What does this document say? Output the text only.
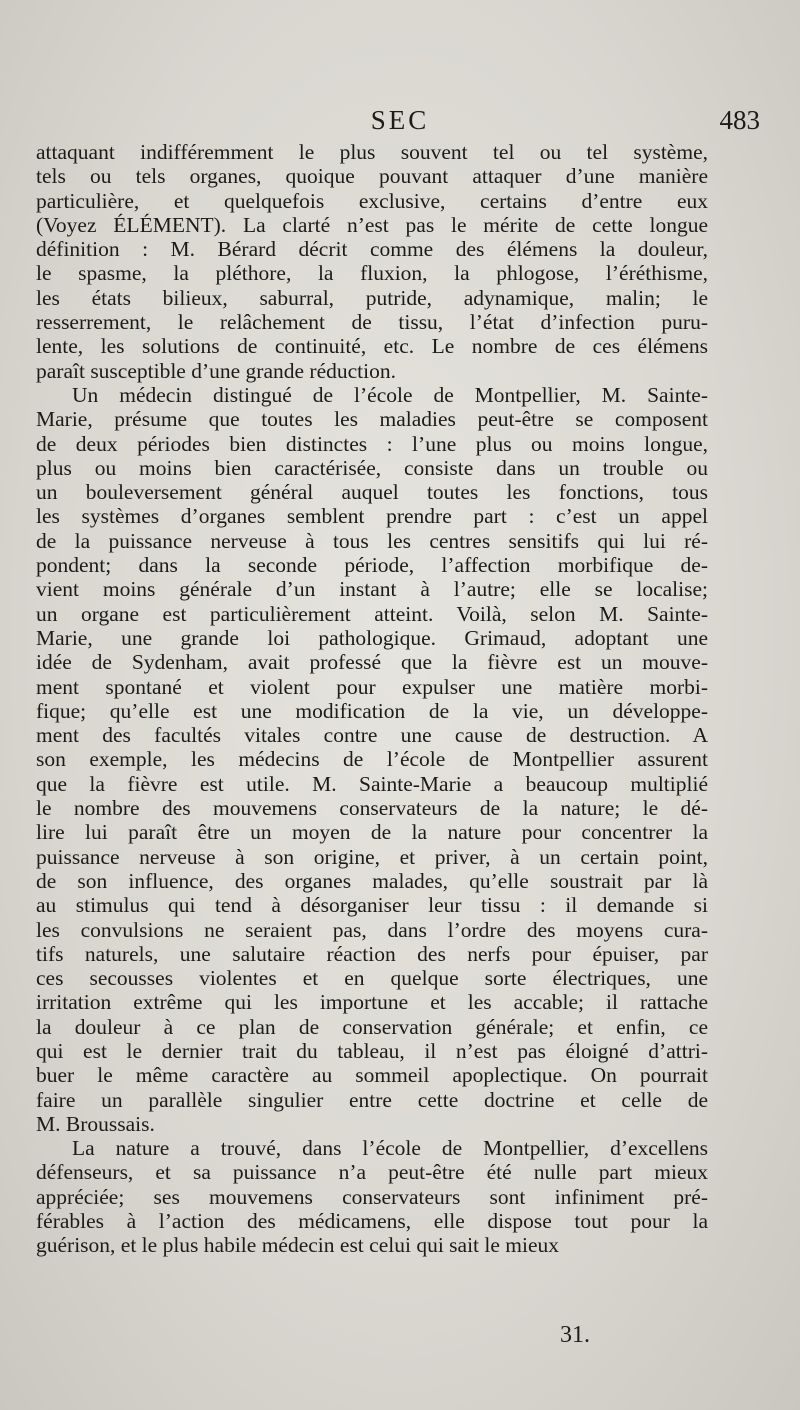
SEC	483

attaquant indifféremment le plus souvent tel ou tel système,
tels ou tels organes, quoique pouvant attaquer d’une manière
particulière, et quelquefois exclusive, certains d’entre eux
(Voyez ÉLÉMENT). La clarté n’est pas le mérite de cette longue
définition : M. Bérard décrit comme des élémens la douleur,
le spasme, la pléthore, la fluxion, la phlogose, l’éréthisme,
les états bilieux, saburral, putride, adynamique, malin; le
resserrement, le relâchement de tissu, l’état d’infection puru-
lente, les solutions de continuité, etc. Le nombre de ces élémens
paraît susceptible d’une grande réduction.

Un médecin distingué de l’école de Montpellier, M. Sainte-
Marie, présume que toutes les maladies peut-être se composent
de deux périodes bien distinctes : l’une plus ou moins longue,
plus ou moins bien caractérisée, consiste dans un trouble ou
un bouleversement général auquel toutes les fonctions, tous
les systèmes d’organes semblent prendre part : c’est un appel
de la puissance nerveuse à tous les centres sensitifs qui lui ré-
pondent; dans la seconde période, l’affection morbifique de-
vient moins générale d’un instant à l’autre; elle se localise;
un organe est particulièrement atteint. Voilà, selon M. Sainte-
Marie, une grande loi pathologique. Grimaud, adoptant une
idée de Sydenham, avait professé que la fièvre est un mouve-
ment spontané et violent pour expulser une matière morbi-
fique; qu’elle est une modification de la vie, un développe-
ment des facultés vitales contre une cause de destruction. A
son exemple, les médecins de l’école de Montpellier assurent
que la fièvre est utile. M. Sainte-Marie a beaucoup multiplié
le nombre des mouvemens conservateurs de la nature; le dé-
lire lui paraît être un moyen de la nature pour concentrer la
puissance nerveuse à son origine, et priver, à un certain point,
de son influence, des organes malades, qu’elle soustrait par là
au stimulus qui tend à désorganiser leur tissu : il demande si
les convulsions ne seraient pas, dans l’ordre des moyens cura-
tifs naturels, une salutaire réaction des nerfs pour épuiser, par
ces secousses violentes et en quelque sorte électriques, une
irritation extrême qui les importune et les accable; il rattache
la douleur à ce plan de conservation générale; et enfin, ce
qui est le dernier trait du tableau, il n’est pas éloigné d’attri-
buer le même caractère au sommeil apoplectique. On pourrait
faire un parallèle singulier entre cette doctrine et celle de
M. Broussais.

La nature a trouvé, dans l’école de Montpellier, d’excellens
défenseurs, et sa puissance n’a peut-être été nulle part mieux
appréciée; ses mouvemens conservateurs sont infiniment pré-
férables à l’action des médicamens, elle dispose tout pour la
guérison, et le plus habile médecin est celui qui sait le mieux

31.
